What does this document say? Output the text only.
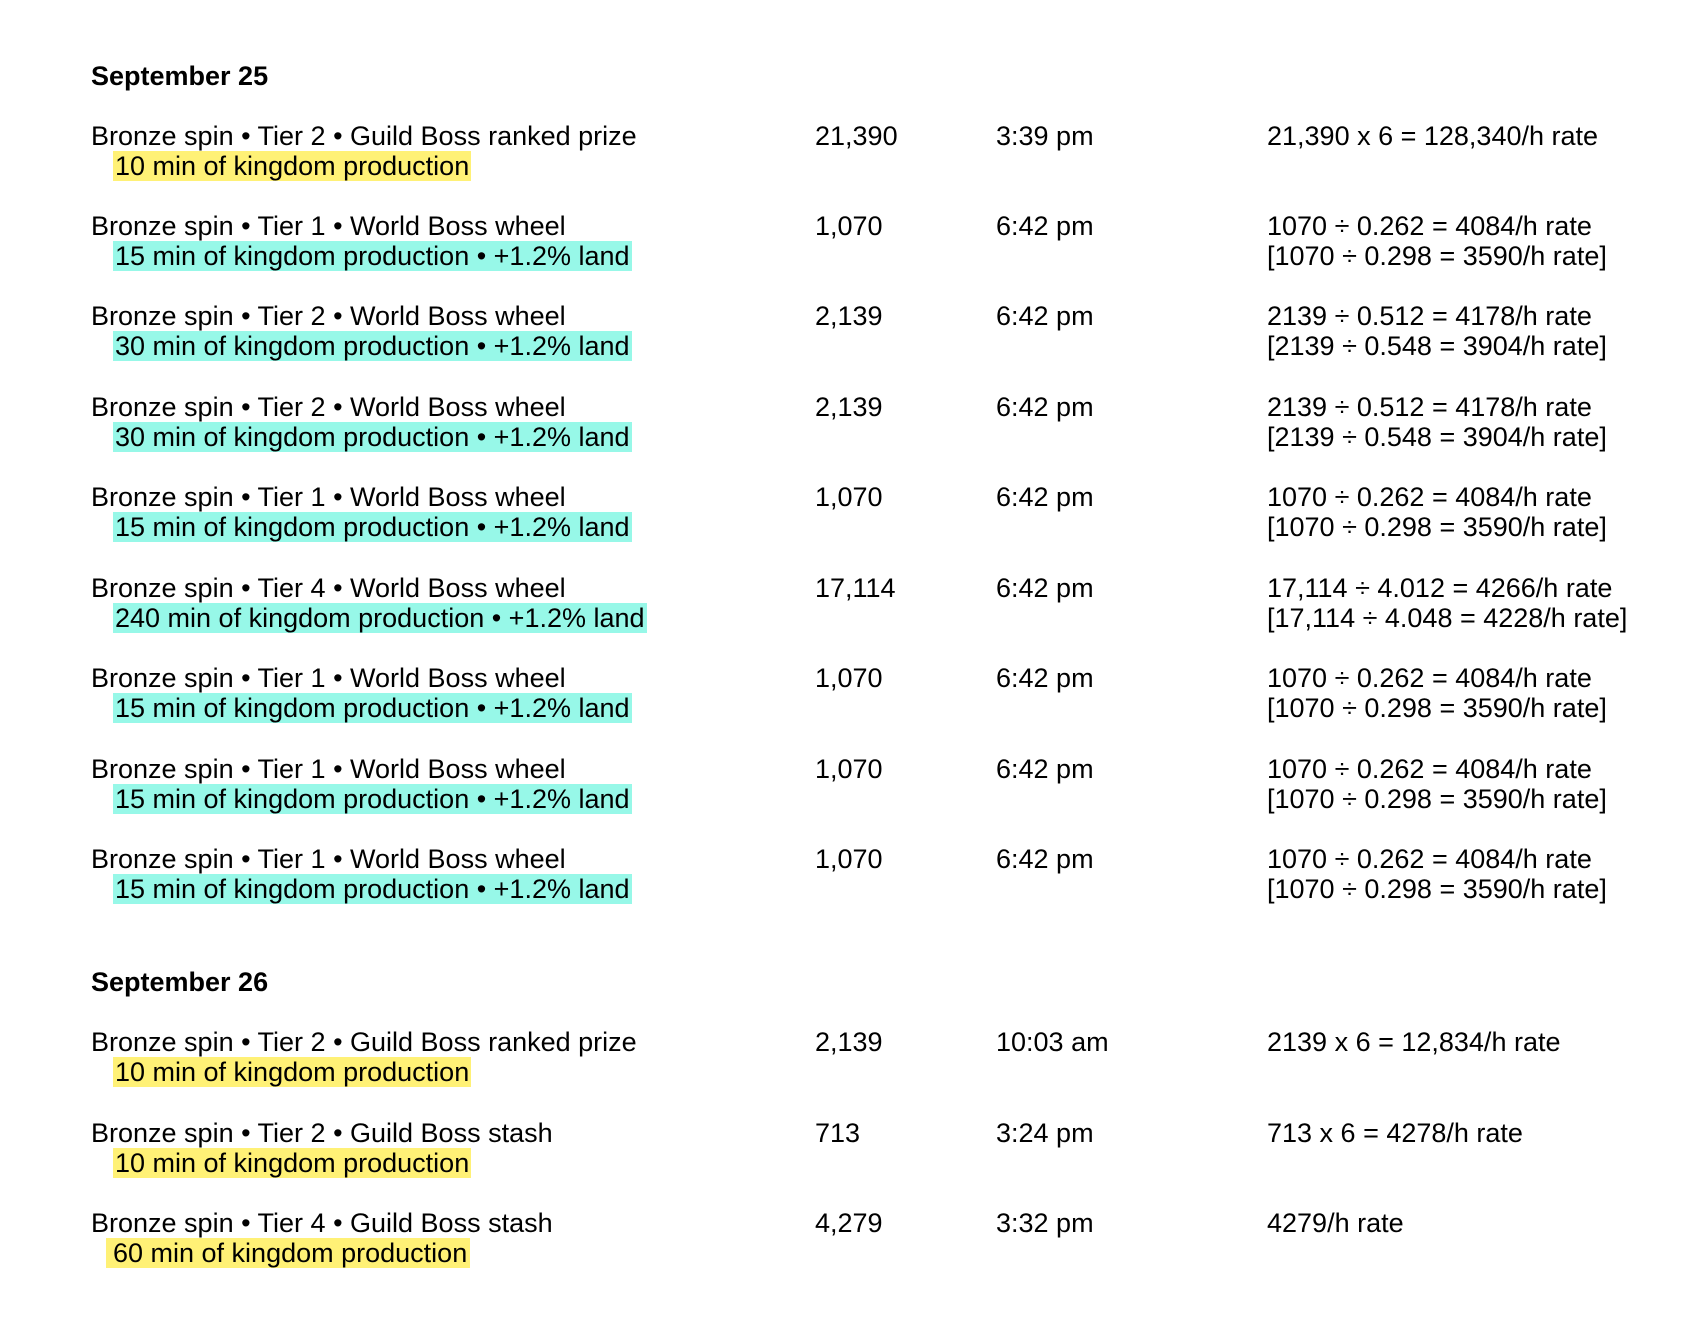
September 25
Bronze spin • Tier 2 • Guild Boss ranked prize
10 min of kingdom production
21,390	3:39 pm	21,390 x 6 = 128,340/h rate
Bronze spin • Tier 1 • World Boss wheel
15 min of kingdom production • +1.2% land
1,070	6:42 pm	1070 ÷ 0.262 = 4084/h rate
[1070 ÷ 0.298 = 3590/h rate]
Bronze spin • Tier 2 • World Boss wheel
30 min of kingdom production • +1.2% land
2,139	6:42 pm	2139 ÷ 0.512 = 4178/h rate
[2139 ÷ 0.548 = 3904/h rate]
Bronze spin • Tier 2 • World Boss wheel
30 min of kingdom production • +1.2% land
2,139	6:42 pm	2139 ÷ 0.512 = 4178/h rate
[2139 ÷ 0.548 = 3904/h rate]
Bronze spin • Tier 1 • World Boss wheel
15 min of kingdom production • +1.2% land
1,070	6:42 pm	1070 ÷ 0.262 = 4084/h rate
[1070 ÷ 0.298 = 3590/h rate]
Bronze spin • Tier 4 • World Boss wheel
240 min of kingdom production • +1.2% land
17,114	6:42 pm	17,114 ÷ 4.012 = 4266/h rate
[17,114 ÷ 4.048 = 4228/h rate]
Bronze spin • Tier 1 • World Boss wheel
15 min of kingdom production • +1.2% land
1,070	6:42 pm	1070 ÷ 0.262 = 4084/h rate
[1070 ÷ 0.298 = 3590/h rate]
Bronze spin • Tier 1 • World Boss wheel
15 min of kingdom production • +1.2% land
1,070	6:42 pm	1070 ÷ 0.262 = 4084/h rate
[1070 ÷ 0.298 = 3590/h rate]
Bronze spin • Tier 1 • World Boss wheel
15 min of kingdom production • +1.2% land
1,070	6:42 pm	1070 ÷ 0.262 = 4084/h rate
[1070 ÷ 0.298 = 3590/h rate]
September 26
Bronze spin • Tier 2 • Guild Boss ranked prize
10 min of kingdom production
2,139	10:03 am	2139 x 6 = 12,834/h rate
Bronze spin • Tier 2 • Guild Boss stash
10 min of kingdom production
713	3:24 pm	713 x 6 = 4278/h rate
Bronze spin • Tier 4 • Guild Boss stash
60 min of kingdom production
4,279	3:32 pm	4279/h rate
